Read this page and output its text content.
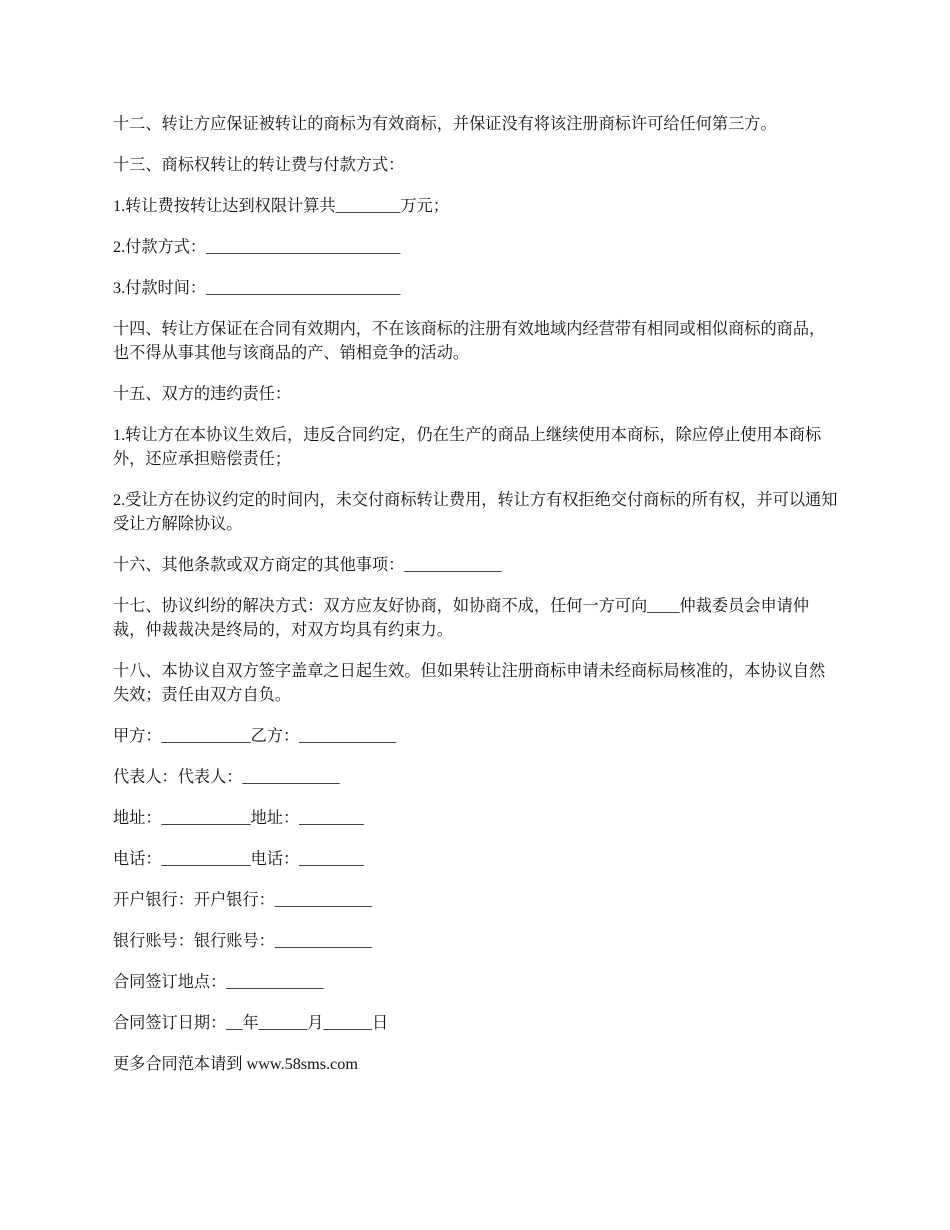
十二、转让方应保证被转让的商标为有效商标，并保证没有将该注册商标许可给任何第三方。

十三、商标权转让的转让费与付款方式：

1.转让费按转让达到权限计算共________万元；

2.付款方式：________________________

3.付款时间：________________________

十四、转让方保证在合同有效期内，不在该商标的注册有效地域内经营带有相同或相似商标的商品，也不得从事其他与该商品的产、销相竞争的活动。

十五、双方的违约责任：

1.转让方在本协议生效后，违反合同约定，仍在生产的商品上继续使用本商标，除应停止使用本商标外，还应承担赔偿责任；

2.受让方在协议约定的时间内，未交付商标转让费用，转让方有权拒绝交付商标的所有权，并可以通知受让方解除协议。

十六、其他条款或双方商定的其他事项：____________

十七、协议纠纷的解决方式：双方应友好协商，如协商不成，任何一方可向____仲裁委员会申请仲裁，仲裁裁决是终局的，对双方均具有约束力。

十八、本协议自双方签字盖章之日起生效。但如果转让注册商标申请未经商标局核准的，本协议自然失效；责任由双方自负。

甲方：___________乙方：____________

代表人：代表人：____________

地址：___________地址：________

电话：___________电话：________

开户银行：开户银行：____________

银行账号：银行账号：____________

合同签订地点：____________

合同签订日期：__年______月______日

更多合同范本请到 www.58sms.com
